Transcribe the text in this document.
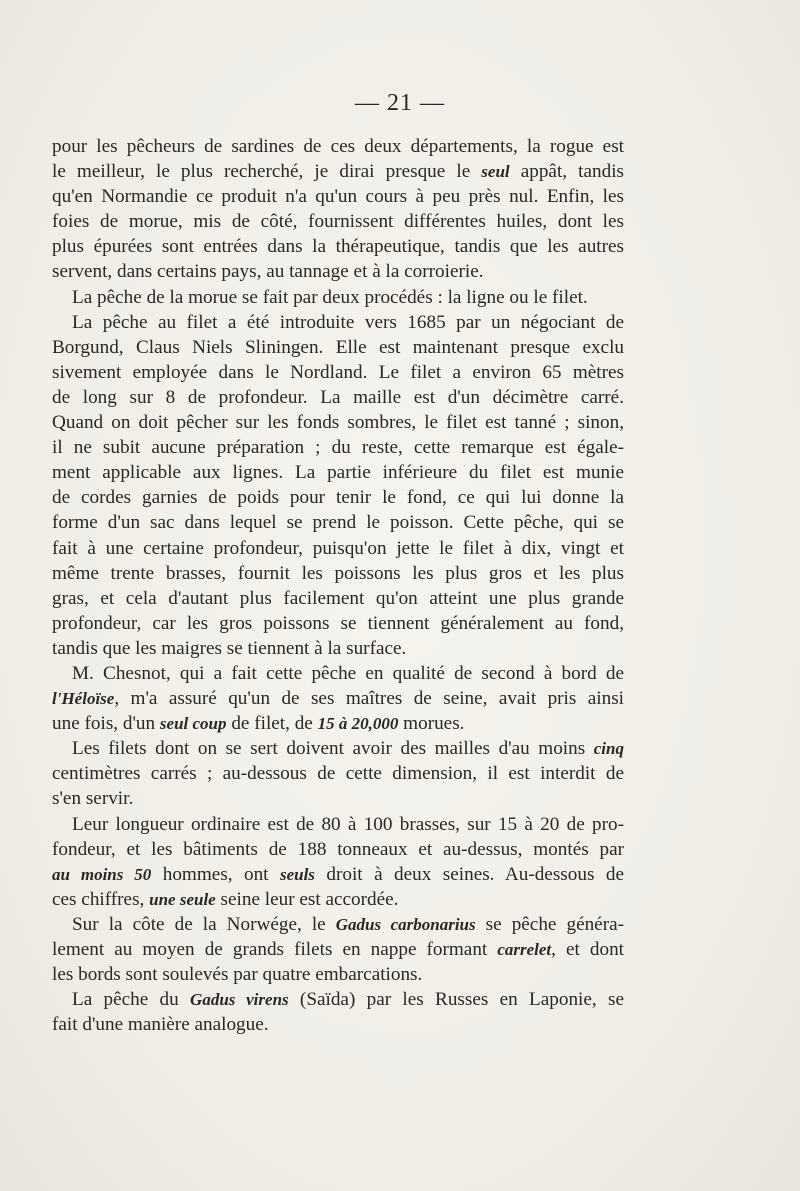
— 21 —
pour les pêcheurs de sardines de ces deux départements, la rogue est
le meilleur, le plus recherché, je dirai presque le seul appât, tandis
qu'en Normandie ce produit n'a qu'un cours à peu près nul. Enfin, les
foies de morue, mis de côté, fournissent différentes huiles, dont les
plus épurées sont entrées dans la thérapeutique, tandis que les autres
servent, dans certains pays, au tannage et à la corroierie.
La pêche de la morue se fait par deux procédés : la ligne ou le filet.
La pêche au filet a été introduite vers 1685 par un négociant de
Borgund, Claus Niels Sliningen. Elle est maintenant presque exclu
sivement employée dans le Nordland. Le filet a environ 65 mètres
de long sur 8 de profondeur. La maille est d'un décimètre carré.
Quand on doit pêcher sur les fonds sombres, le filet est tanné ; sinon,
il ne subit aucune préparation ; du reste, cette remarque est égale-
ment applicable aux lignes. La partie inférieure du filet est munie
de cordes garnies de poids pour tenir le fond, ce qui lui donne la
forme d'un sac dans lequel se prend le poisson. Cette pêche, qui se
fait à une certaine profondeur, puisqu'on jette le filet à dix, vingt et
même trente brasses, fournit les poissons les plus gros et les plus
gras, et cela d'autant plus facilement qu'on atteint une plus grande
profondeur, car les gros poissons se tiennent généralement au fond,
tandis que les maigres se tiennent à la surface.
M. Chesnot, qui a fait cette pêche en qualité de second à bord de
l'Héloïse, m'a assuré qu'un de ses maîtres de seine, avait pris ainsi
une fois, d'un seul coup de filet, de 15 à 20,000 morues.
Les filets dont on se sert doivent avoir des mailles d'au moins cinq
centimètres carrés ; au-dessous de cette dimension, il est interdit de
s'en servir.
Leur longueur ordinaire est de 80 à 100 brasses, sur 15 à 20 de pro-
fondeur, et les bâtiments de 188 tonneaux et au-dessus, montés par
au moins 50 hommes, ont seuls droit à deux seines. Au-dessous de
ces chiffres, une seule seine leur est accordée.
Sur la côte de la Norwége, le Gadus carbonarius se pêche généra-
lement au moyen de grands filets en nappe formant carrelet, et dont
les bords sont soulevés par quatre embarcations.
La pêche du Gadus virens (Saïda) par les Russes en Laponie, se
fait d'une manière analogue.
